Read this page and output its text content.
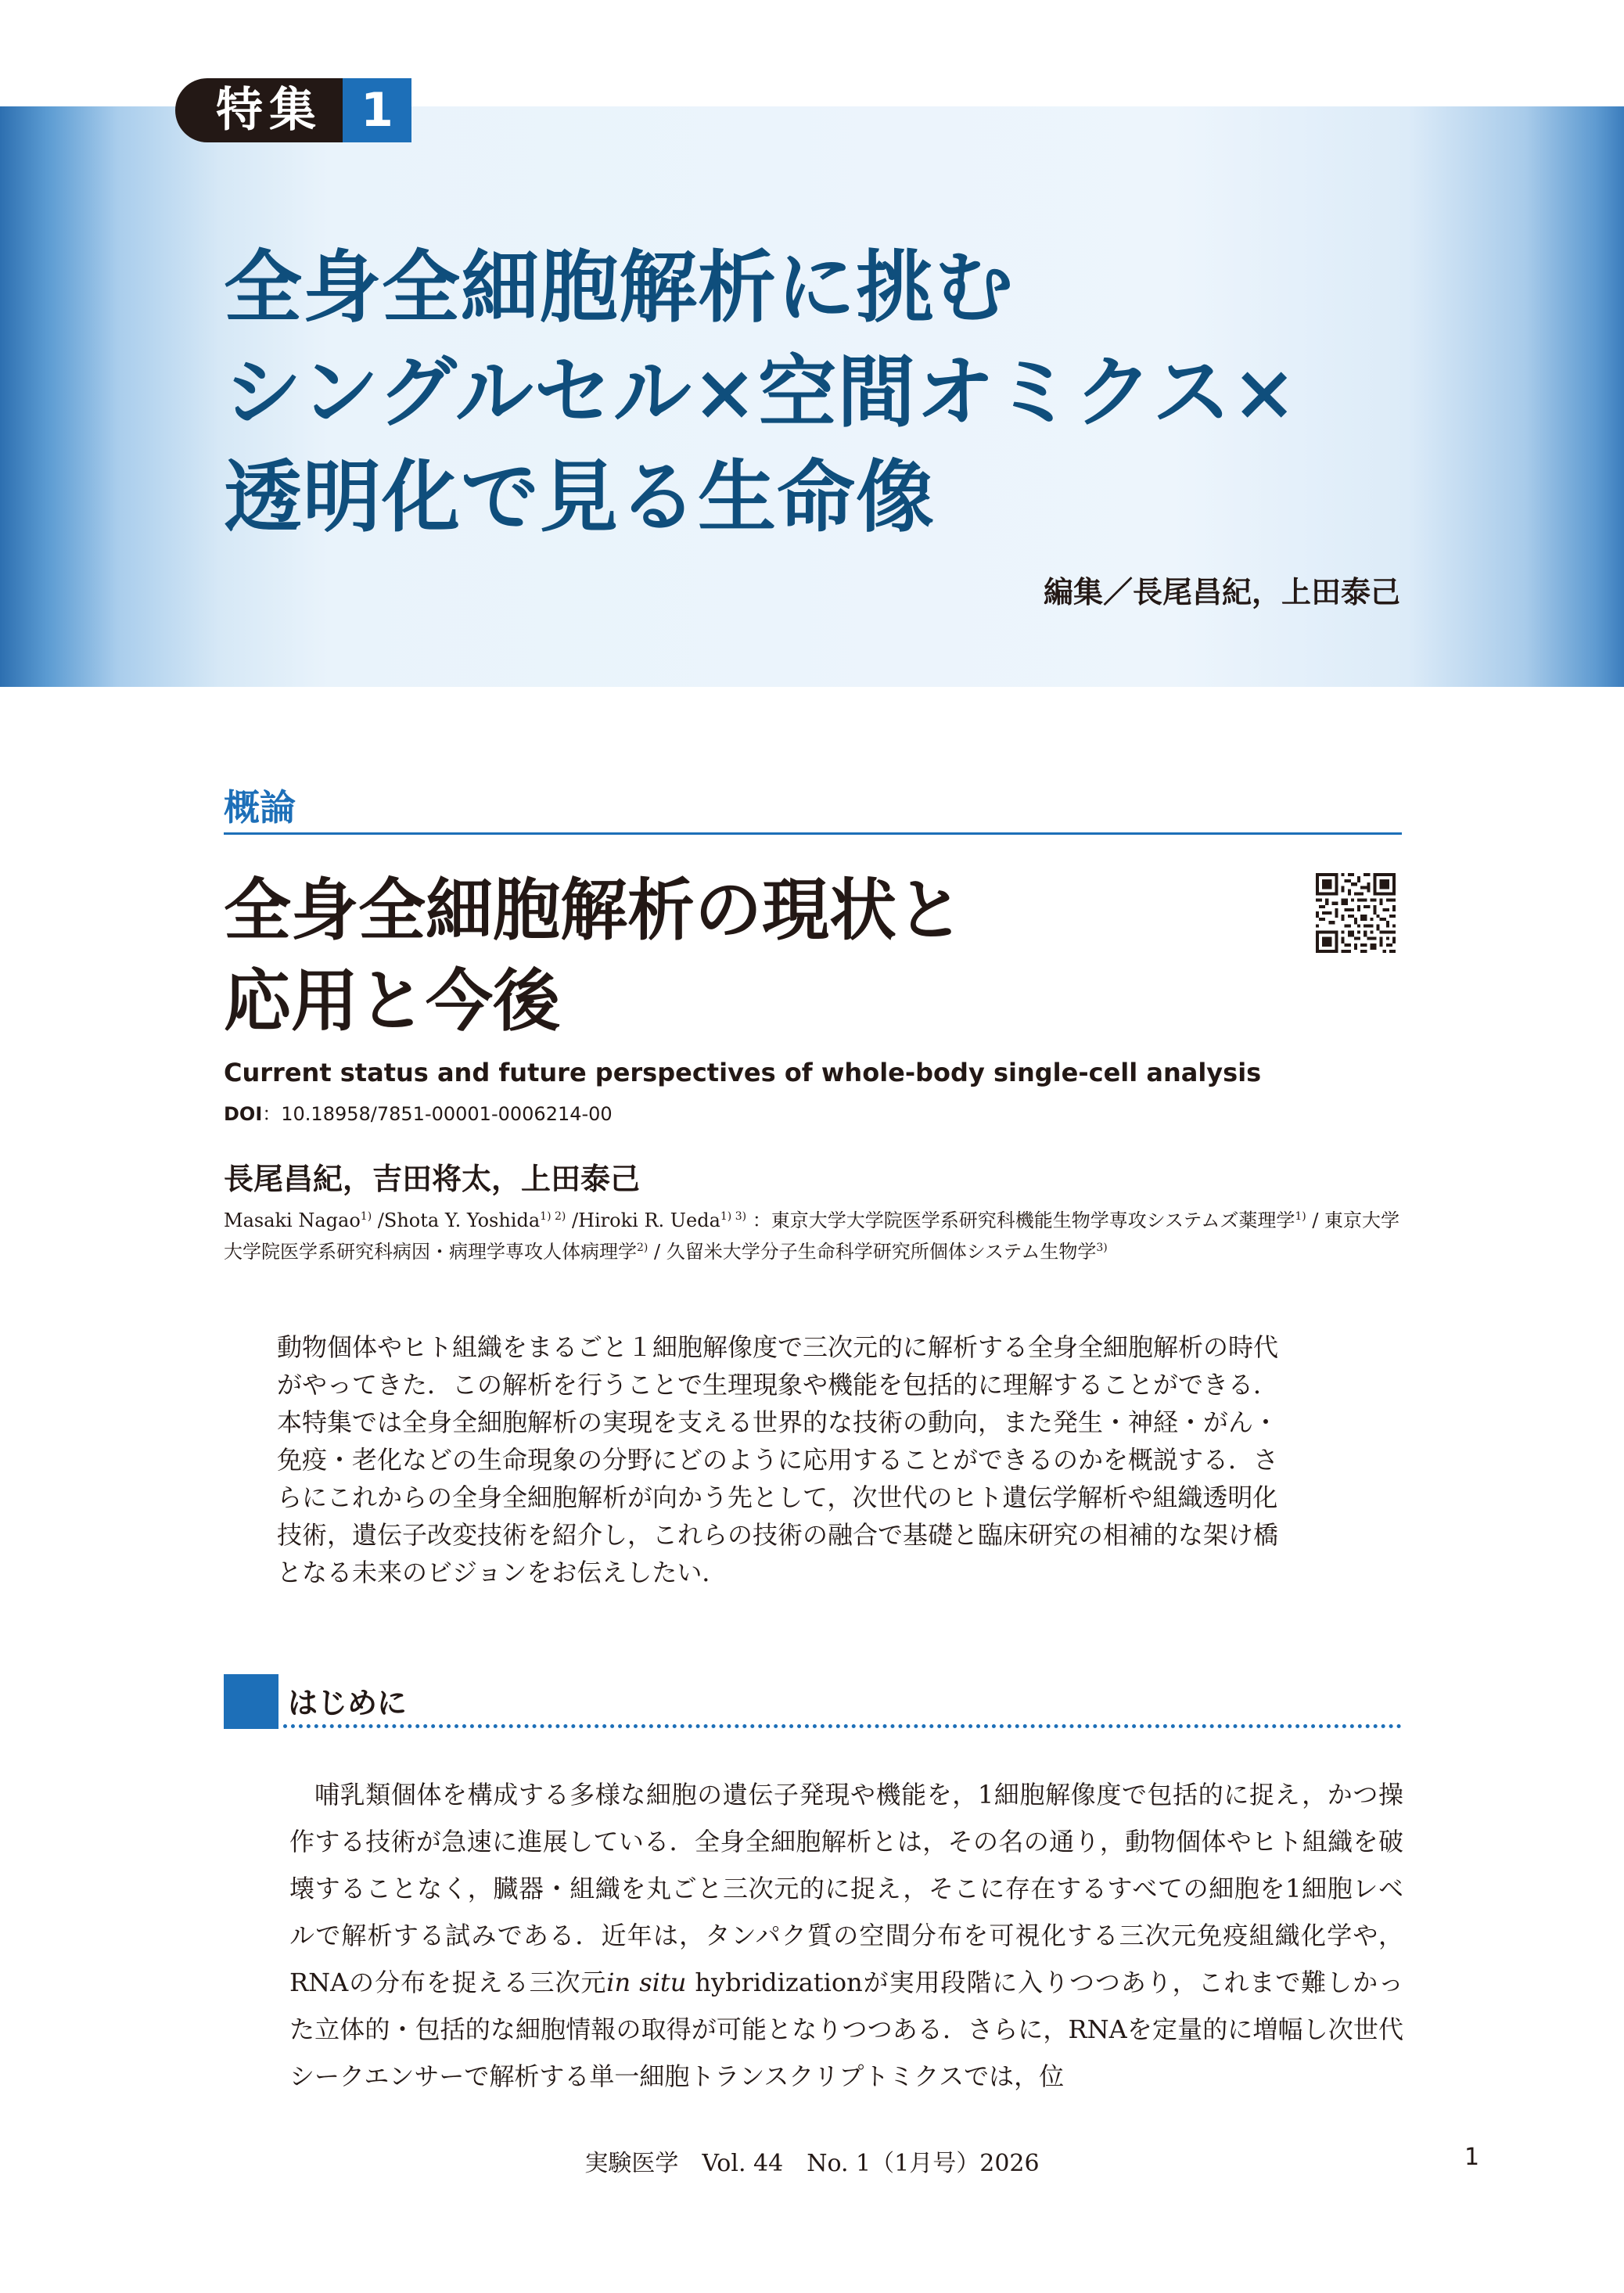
特集 1
全身全細胞解析に挑む
シングルセル×空間オミクス×
透明化で見る生命像
編集／長尾昌紀，上田泰己
概論
全身全細胞解析の現状と
応用と今後
Current status and future perspectives of whole-body single-cell analysis
DOI：10.18958/7851-00001-0006214-00
長尾昌紀，吉田将太，上田泰己
Masaki Nagao$^{1)}$ /Shota Y. Yoshida$^{1) 2)}$ /Hiroki R. Ueda$^{1) 3)}$ ：東京大学大学院医学系研究科機能生物学専攻システムズ薬理学$^{1)}$ / 東京大学大学院医学系研究科病因・病理学専攻人体病理学$^{2)}$ / 久留米大学分子生命科学研究所個体システム生物学$^{3)}$
動物個体やヒト組織をまるごと１細胞解像度で三次元的に解析する全身全細胞解析の時代
がやってきた．この解析を行うことで生理現象や機能を包括的に理解することができる．
本特集では全身全細胞解析の実現を支える世界的な技術の動向，また発生・神経・がん・
免疫・老化などの生命現象の分野にどのように応用することができるのかを概説する．さ
らにこれからの全身全細胞解析が向かう先として，次世代のヒト遺伝学解析や組織透明化
技術，遺伝子改変技術を紹介し，これらの技術の融合で基礎と臨床研究の相補的な架け橋
となる未来のビジョンをお伝えしたい．
はじめに
哺乳類個体を構成する多様な細胞の遺伝子発現や機能を，1細胞解像度で包括的に捉え，かつ操作する技術が急速に進展している．全身全細胞解析とは，その名の通り，動物個体やヒト組織を破壊することなく，臓器・組織を丸ごと三次元的に捉え，そこに存在するすべての細胞を1細胞レベルで解析する試みである．近年は，タンパク質の空間分布を可視化する三次元免疫組織化学や，RNAの分布を捉える三次元in situ hybridizationが実用段階に入りつつあり，これまで難しかった立体的・包括的な細胞情報の取得が可能となりつつある．さらに，RNAを定量的に増幅し次世代シークエンサーで解析する単一細胞トランスクリプトミクスでは，位
実験医学　Vol. 44　No. 1（1月号）2026	1
